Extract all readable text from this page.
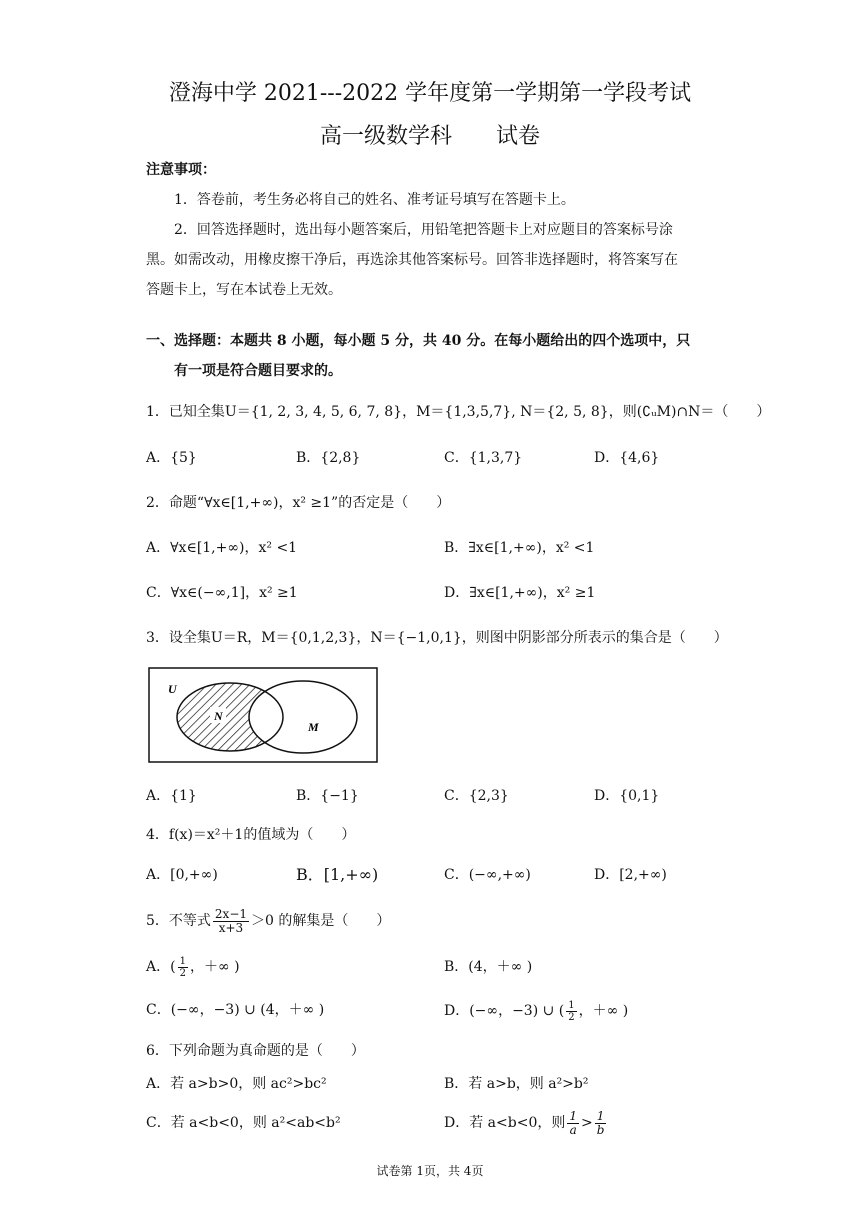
澄海中学 2021---2022 学年度第一学期第一学段考试
高一级数学科　　试卷
注意事项：
1．答卷前，考生务必将自己的姓名、准考证号填写在答题卡上。
2．回答选择题时，选出每小题答案后，用铅笔把答题卡上对应题目的答案标号涂
黑。如需改动，用橡皮擦干净后，再选涂其他答案标号。回答非选择题时，将答案写在
答题卡上，写在本试卷上无效。
一、选择题：本题共 8 小题，每小题 5 分，共 40 分。在每小题给出的四个选项中，只
有一项是符合题目要求的。
1．已知全集U＝{1, 2, 3, 4, 5, 6, 7, 8}，M＝{1,3,5,7}, N＝{2, 5, 8}，则(∁ᵤM)∩N＝（　　）
A．{5}	B．{2,8}	C．{1,3,7}	D．{4,6}
2．命题“∀x∈[1,+∞)，x² ≥1”的否定是（　　）
A．∀x∈[1,+∞)，x² <1	B．∃x∈[1,+∞)，x² <1
C．∀x∈(−∞,1]，x² ≥1	D．∃x∈[1,+∞)，x² ≥1
3．设全集U＝R，M＝{0,1,2,3}，N＝{−1,0,1}，则图中阴影部分所表示的集合是（　　）
U
N
M
A．{1}	B．{−1}	C．{2,3}	D．{0,1}
4．f(x)＝x²＋1的值域为（　　）
A．[0,+∞)	B．[1,+∞)	C．(−∞,+∞)	D．[2,+∞)
5．不等式 $\frac{2x-1}{x+3} >0$ 的解集是（　　）
A．( $\frac{1}{2}$ ，＋∞ )	B．(4，＋∞ )
C．(−∞，−3) ∪ (4，＋∞ )	D．(−∞，−3) ∪ ( $\frac{1}{2}$ ，＋∞ )
6．下列命题为真命题的是（　　）
A．若 a>b>0，则 ac²>bc²	B．若 a>b，则 a²>b²
C．若 a<b<0，则 a²<ab<b²	D．若 a<b<0，则 $\frac{1}{a} > \frac{1}{b}$
试卷第 1页，共 4页
